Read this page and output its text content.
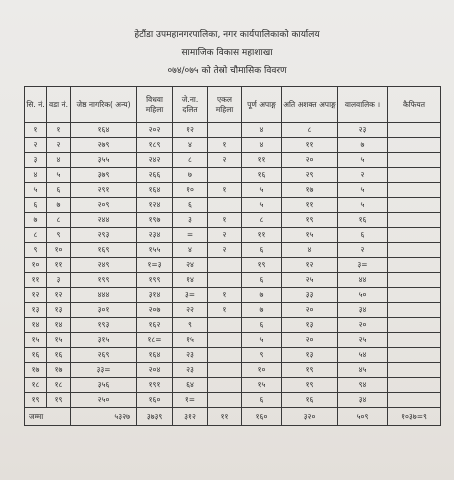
हेटौंडा उपमहानगरपालिका, नगर कार्यपालिकाको कार्यालय
सामाजिक विकास महाशाखा
०७४/०७५ को तेस्रो चौमासिक विवरण
सि. नं.	वडा नं.	जेष्ठ नागरिक( अन्य)	विधवा महिला	जे.ना. दलित	एकल महिला	पूर्ण अपाङ्ग	अति अशक्त अपाङ्ग	वालवालिक ।	कैफियत
१	१	१६४	२०२	१२		४	८	२३	
२	२	२७९	१८९	४	१	४	११	७	
३	४	३५५	२४२	८	२	११	२०	५	
४	५	३७९	२६६	७		१६	२९	२	
५	६	२९१	१६४	१०	१	५	१७	५	
६	७	२०९	१२४	६		५	११	५	
७	८	२४४	१९७	३	१	८	१९	१६	
८	९	२९३	२३४	=	२	११	१५	६	
९	१०	१६९	१५५	४	२	६	४	२	
१०	११	२४९	१=३	२४		१९	१२	३=	
११	३	१९९	१९९	१४		६	२५	४४	
१२	१२	४४४	३१४	३=	१	७	३३	५०	
१३	१३	३०१	२०७	२२	१	७	२०	३४	
१४	१४	१९३	१६२	९		६	१३	२०	
१५	१५	३१५	१८=	१५		५	२०	२५	
१६	१६	२६९	१६४	२३		९	१३	५४	
१७	१७	३३=	२०४	२३		१०	१९	४५	
१८	१८	३५६	१९१	६४		१५	१९	९४	
१९	१९	२५०	१६०	१=		६	१६	३४	
जम्मा		५३२७	३७३९	३१२	११	१६०	३२०	५०९	१०३७=९
